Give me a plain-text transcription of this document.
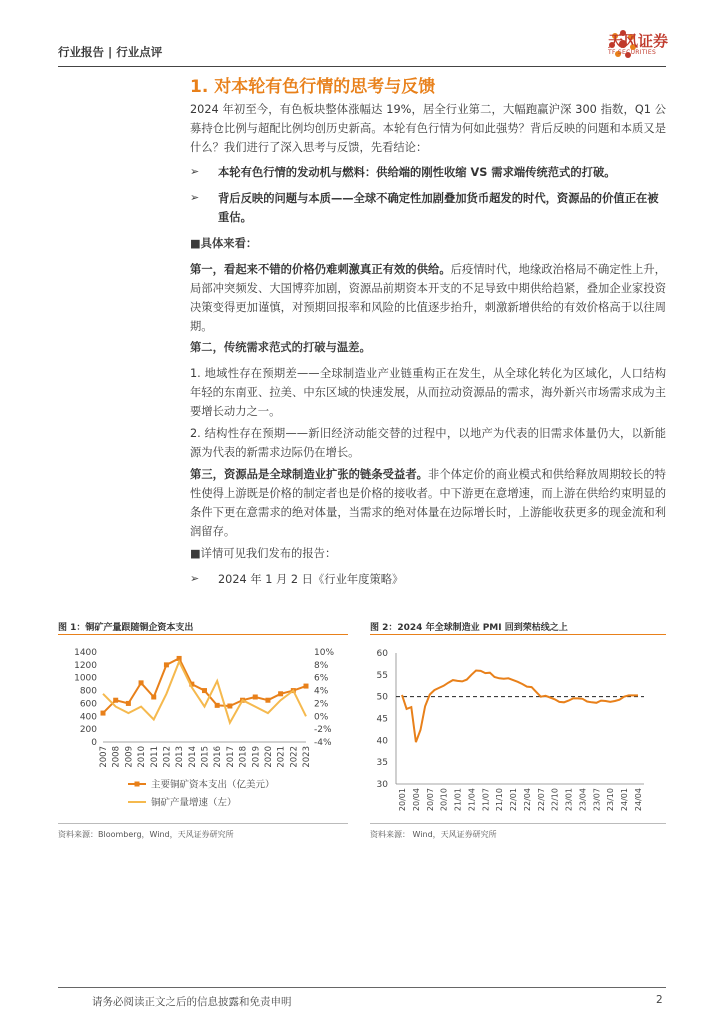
行业报告 | 行业点评
天风证券
TF SECURITIES
1. 对本轮有色行情的思考与反馈
2024 年初至今，有色板块整体涨幅达 19%，居全行业第二，大幅跑赢沪深 300 指数，Q1 公募持仓比例与超配比例均创历史新高。本轮有色行情为何如此强势？背后反映的问题和本质又是什么？我们进行了深入思考与反馈，先看结论：
➢ 本轮有色行情的发动机与燃料：供给端的刚性收缩 VS 需求端传统范式的打破。
➢ 背后反映的问题与本质——全球不确定性加剧叠加货币超发的时代，资源品的价值正在被重估。
■具体来看：
第一，看起来不错的价格仍难刺激真正有效的供给。后疫情时代，地缘政治格局不确定性上升，局部冲突频发、大国博弈加剧，资源品前期资本开支的不足导致中期供给趋紧，叠加企业家投资决策变得更加谨慎，对预期回报率和风险的比值逐步抬升，刺激新增供给的有效价格高于以往周期。
第二，传统需求范式的打破与温差。
1. 地域性存在预期差——全球制造业产业链重构正在发生，从全球化转化为区域化，人口结构年轻的东南亚、拉美、中东区域的快速发展，从而拉动资源品的需求，海外新兴市场需求成为主要增长动力之一。
2. 结构性存在预期——新旧经济动能交替的过程中，以地产为代表的旧需求体量仍大，以新能源为代表的新需求边际仍在增长。
第三，资源品是全球制造业扩张的链条受益者。非个体定价的商业模式和供给释放周期较长的特性使得上游既是价格的制定者也是价格的接收者。中下游更在意增速，而上游在供给约束明显的条件下更在意需求的绝对体量，当需求的绝对体量在边际增长时，上游能收获更多的现金流和利润留存。
■详情可见我们发布的报告：
➢ 2024 年 1 月 2 日《行业年度策略》
图 1：铜矿产量跟随铜企资本支出
1400
1200
1000
800
600
400
200
0
10%
8%
6%
4%
2%
0%
-2%
-4%
2007 2008 2009 2010 2011 2012 2013 2014 2015 2016 2017 2018 2019 2020 2021 2022 2023
主要铜矿资本支出（亿美元）
铜矿产量增速（左）
资料来源：Bloomberg，Wind，天风证券研究所
图 2：2024 年全球制造业 PMI 回到荣枯线之上
60
55
50
45
40
35
30
20/01 20/04 20/07 20/10 21/01 21/04 21/07 21/10 22/01 22/04 22/07 22/10 23/01 23/04 23/07 23/10 24/01 24/04
资料来源： Wind，天风证券研究所
请务必阅读正文之后的信息披露和免责申明	2
